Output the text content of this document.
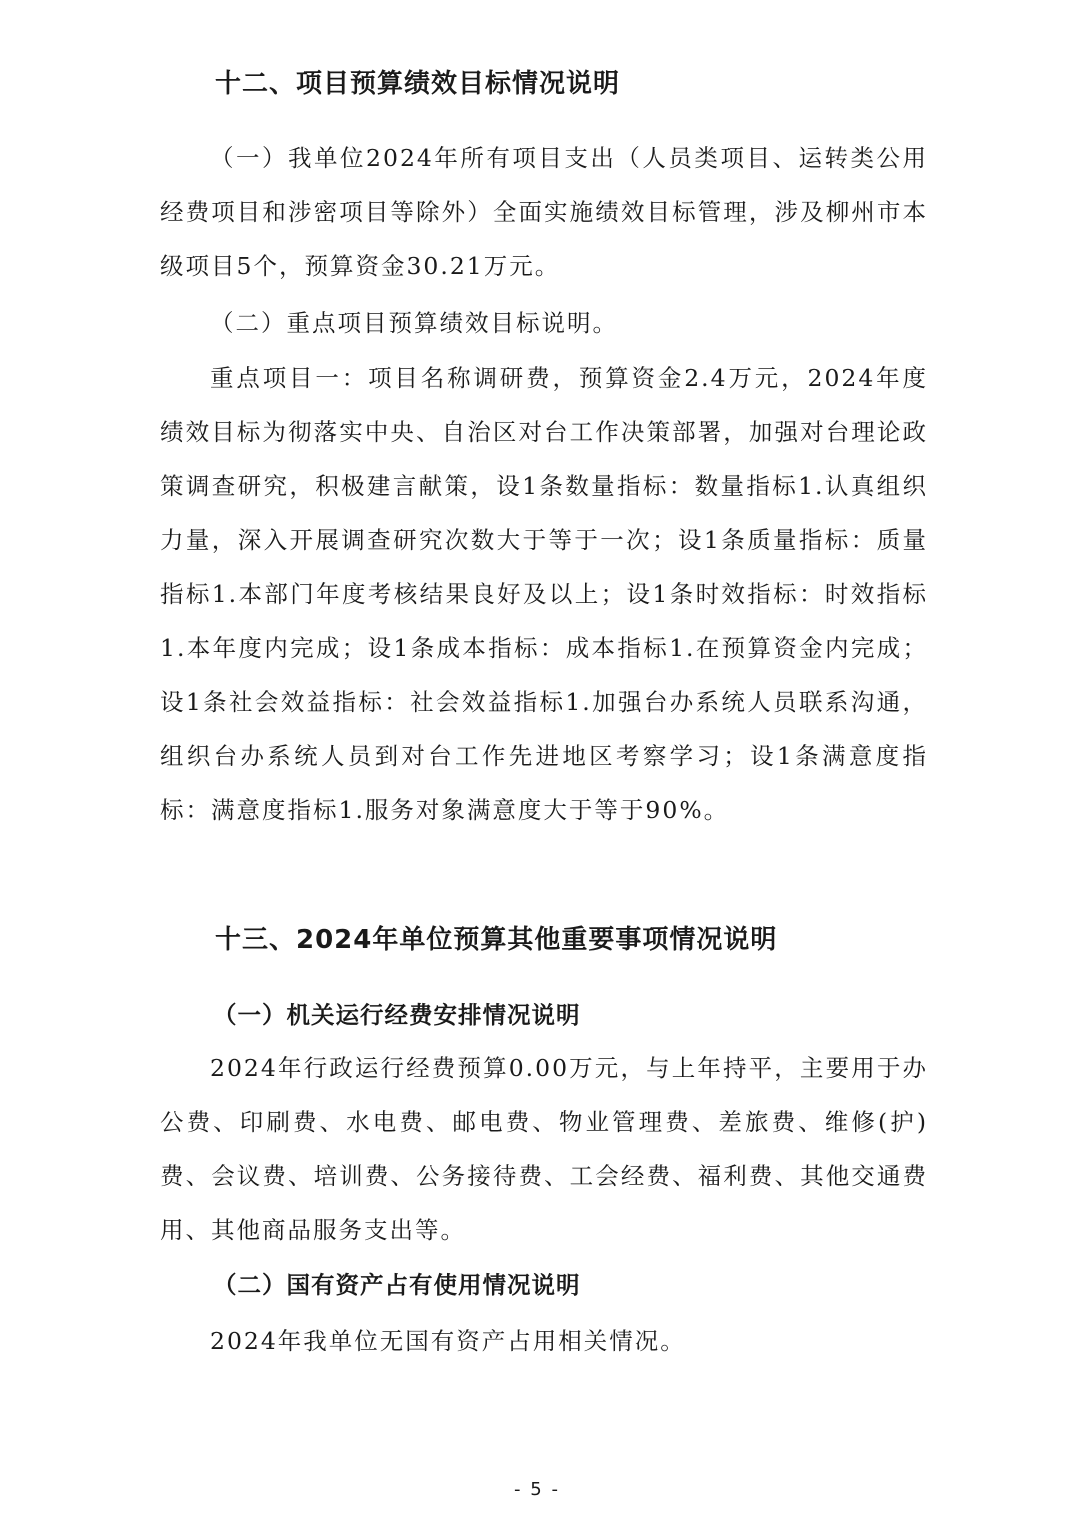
十二、项目预算绩效目标情况说明

（一）我单位2024年所有项目支出（人员类项目、运转类公用经费项目和涉密项目等除外）全面实施绩效目标管理，涉及柳州市本级项目5个，预算资金30.21万元。

（二）重点项目预算绩效目标说明。

重点项目一：项目名称调研费，预算资金2.4万元，2024年度绩效目标为彻落实中央、自治区对台工作决策部署，加强对台理论政策调查研究，积极建言献策，设1条数量指标：数量指标1.认真组织力量，深入开展调查研究次数大于等于一次；设1条质量指标：质量指标1.本部门年度考核结果良好及以上；设1条时效指标：时效指标1.本年度内完成；设1条成本指标：成本指标1.在预算资金内完成；设1条社会效益指标：社会效益指标1.加强台办系统人员联系沟通，组织台办系统人员到对台工作先进地区考察学习；设1条满意度指标：满意度指标1.服务对象满意度大于等于90%。

十三、2024年单位预算其他重要事项情况说明
（一）机关运行经费安排情况说明

2024年行政运行经费预算0.00万元，与上年持平，主要用于办公费、印刷费、水电费、邮电费、物业管理费、差旅费、维修(护)费、会议费、培训费、公务接待费、工会经费、福利费、其他交通费用、其他商品服务支出等。

（二）国有资产占有使用情况说明

2024年我单位无国有资产占用相关情况。

- 5 -
